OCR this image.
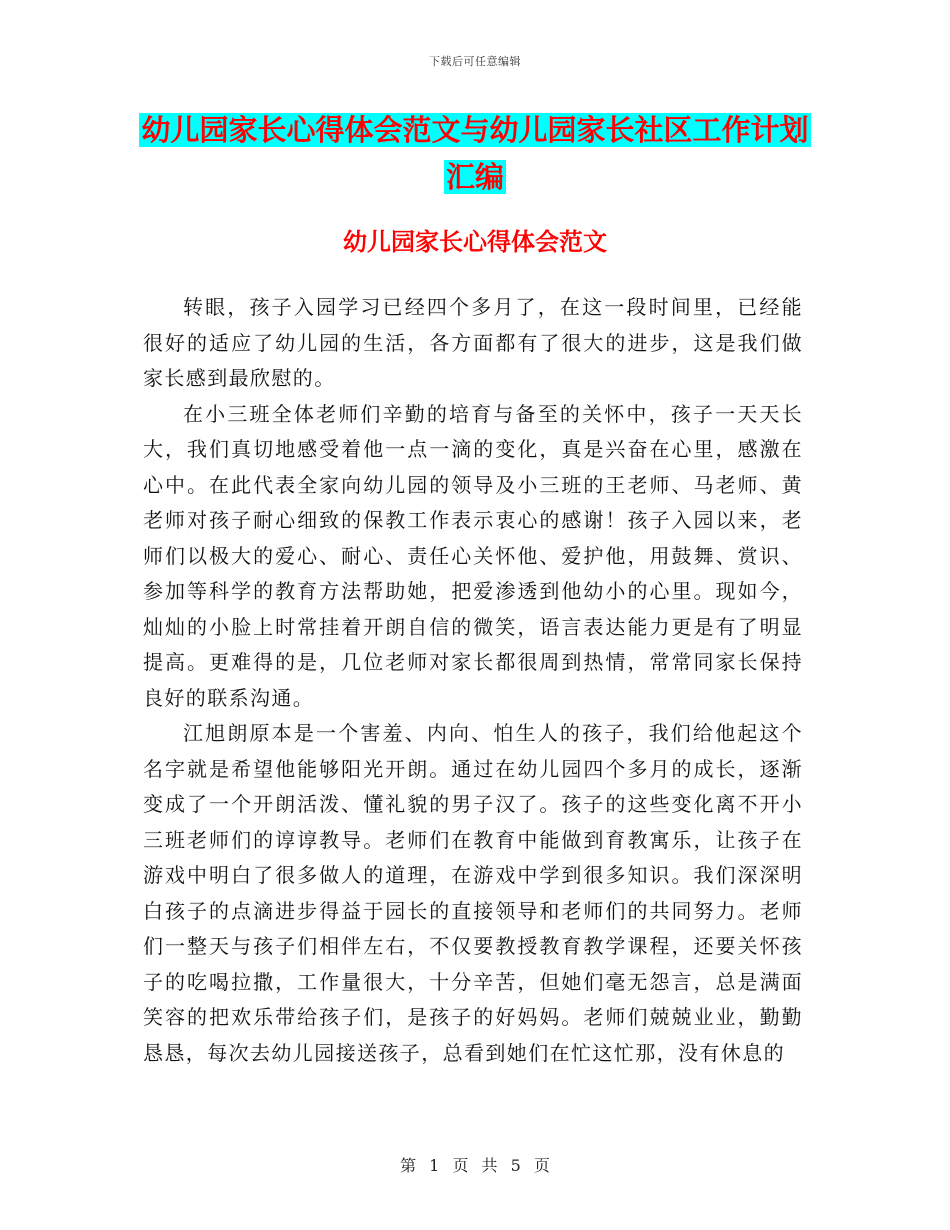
下载后可任意编辑
幼儿园家长心得体会范文与幼儿园家长社区工作计划
汇编
幼儿园家长心得体会范文

转眼，孩子入园学习已经四个多月了，在这一段时间里，已经能很好的适应了幼儿园的生活，各方面都有了很大的进步，这是我们做家长感到最欣慰的。

在小三班全体老师们辛勤的培育与备至的关怀中，孩子一天天长大，我们真切地感受着他一点一滴的变化，真是兴奋在心里，感激在心中。在此代表全家向幼儿园的领导及小三班的王老师、马老师、黄老师对孩子耐心细致的保教工作表示衷心的感谢！孩子入园以来，老师们以极大的爱心、耐心、责任心关怀他、爱护他，用鼓舞、赏识、参加等科学的教育方法帮助她，把爱渗透到他幼小的心里。现如今，灿灿的小脸上时常挂着开朗自信的微笑，语言表达能力更是有了明显提高。更难得的是，几位老师对家长都很周到热情，常常同家长保持良好的联系沟通。

江旭朗原本是一个害羞、内向、怕生人的孩子，我们给他起这个名字就是希望他能够阳光开朗。通过在幼儿园四个多月的成长，逐渐变成了一个开朗活泼、懂礼貌的男子汉了。孩子的这些变化离不开小三班老师们的谆谆教导。老师们在教育中能做到育教寓乐，让孩子在游戏中明白了很多做人的道理，在游戏中学到很多知识。我们深深明白孩子的点滴进步得益于园长的直接领导和老师们的共同努力。老师们一整天与孩子们相伴左右，不仅要教授教育教学课程，还要关怀孩子的吃喝拉撒，工作量很大，十分辛苦，但她们毫无怨言，总是满面笑容的把欢乐带给孩子们，是孩子的好妈妈。老师们兢兢业业，勤勤恳恳，每次去幼儿园接送孩子，总看到她们在忙这忙那，没有休息的

第 1 页 共 5 页
